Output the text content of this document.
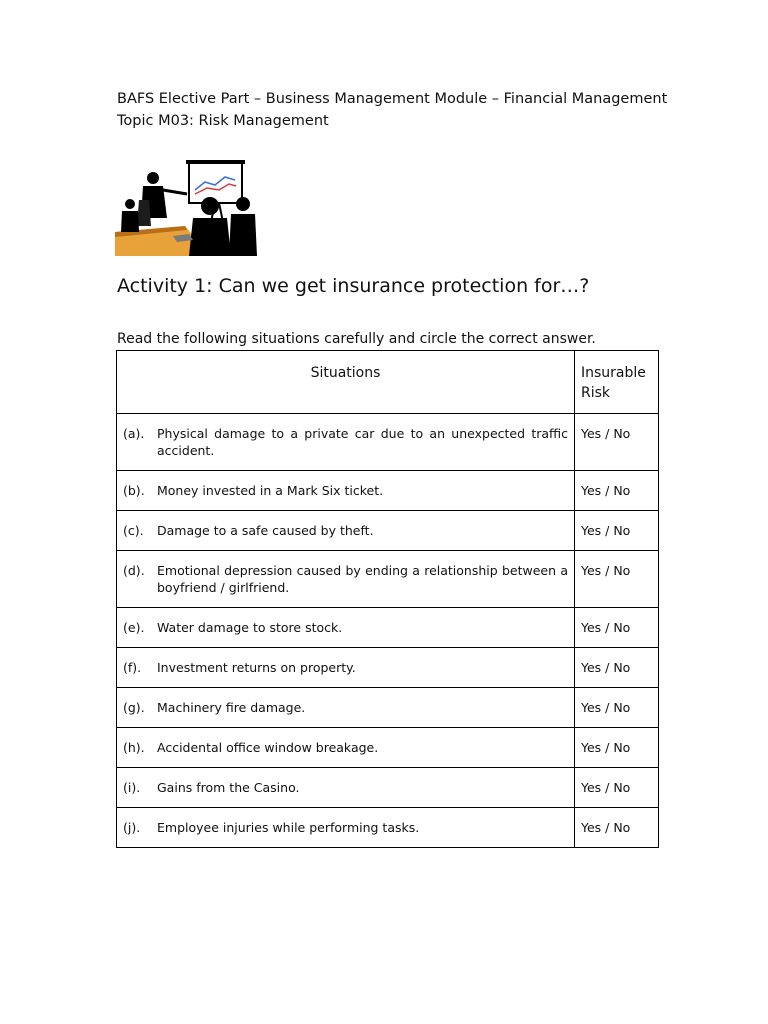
BAFS Elective Part – Business Management Module – Financial Management
Topic M03: Risk Management
Activity 1: Can we get insurance protection for…?
Read the following situations carefully and circle the correct answer.
Situations	Insurable Risk
(a). Physical damage to a private car due to an unexpected traffic accident.	Yes / No
(b). Money invested in a Mark Six ticket.	Yes / No
(c). Damage to a safe caused by theft.	Yes / No
(d). Emotional depression caused by ending a relationship between a boyfriend / girlfriend.	Yes / No
(e). Water damage to store stock.	Yes / No
(f). Investment returns on property.	Yes / No
(g). Machinery fire damage.	Yes / No
(h). Accidental office window breakage.	Yes / No
(i). Gains from the Casino.	Yes / No
(j). Employee injuries while performing tasks.	Yes / No
